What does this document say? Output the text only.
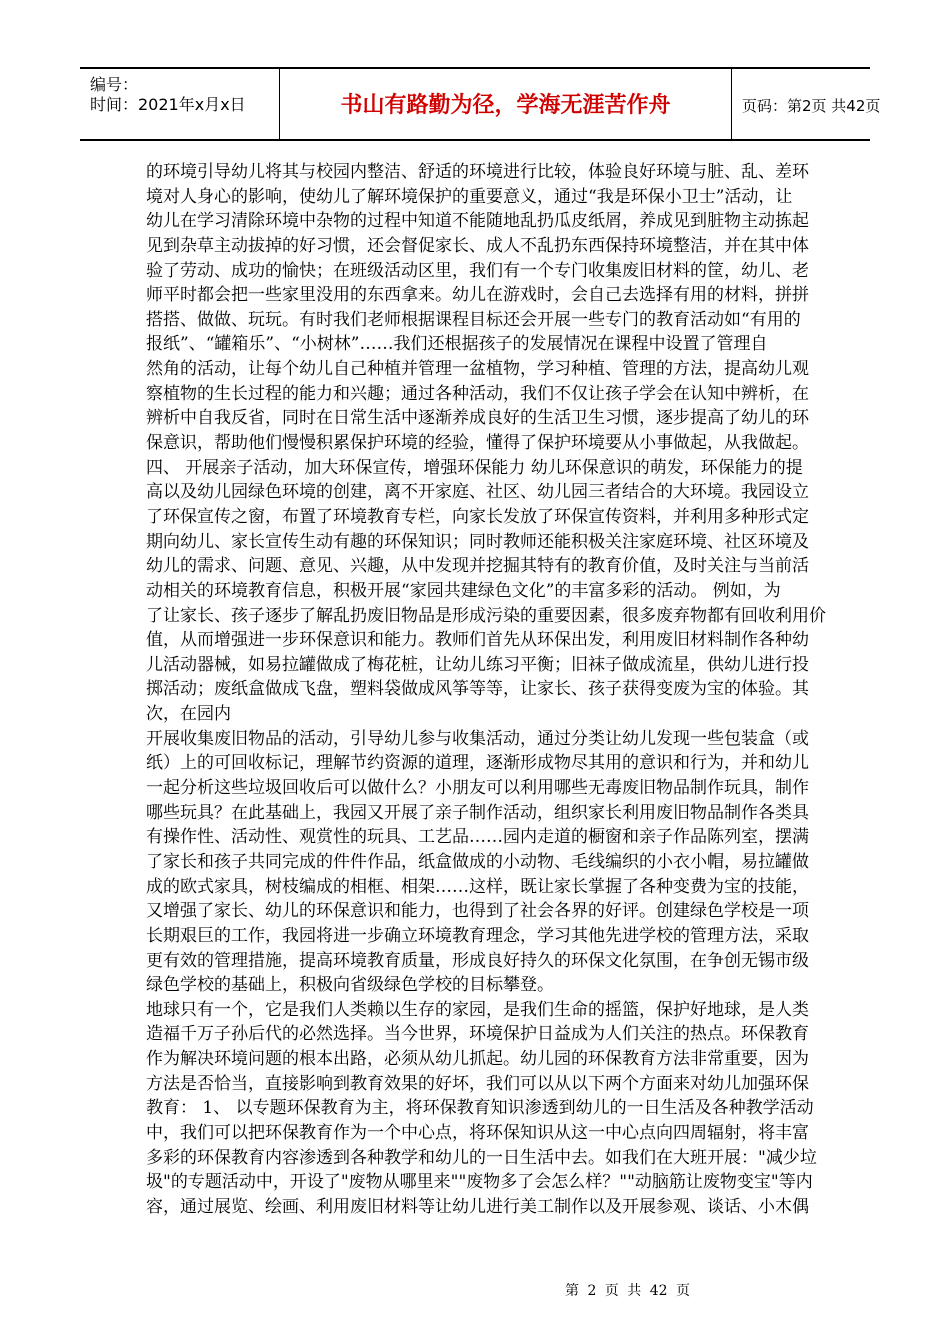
编号：
时间：2021年x月x日	书山有路勤为径，学海无涯苦作舟	页码：第2页 共42页
的环境引导幼儿将其与校园内整洁、舒适的环境进行比较，体验良好环境与脏、乱、差环
境对人身心的影响，使幼儿了解环境保护的重要意义，通过“我是环保小卫士”活动，让
幼儿在学习清除环境中杂物的过程中知道不能随地乱扔瓜皮纸屑，养成见到脏物主动拣起
见到杂草主动拔掉的好习惯，还会督促家长、成人不乱扔东西保持环境整洁，并在其中体
验了劳动、成功的愉快；在班级活动区里，我们有一个专门收集废旧材料的筐，幼儿、老
师平时都会把一些家里没用的东西拿来。幼儿在游戏时，会自己去选择有用的材料，拼拼
搭搭、做做、玩玩。有时我们老师根据课程目标还会开展一些专门的教育活动如“有用的
报纸”、“罐箱乐”、“小树林”……我们还根据孩子的发展情况在课程中设置了管理自
然角的活动，让每个幼儿自己种植并管理一盆植物，学习种植、管理的方法，提高幼儿观
察植物的生长过程的能力和兴趣；通过各种活动，我们不仅让孩子学会在认知中辨析，在
辨析中自我反省，同时在日常生活中逐渐养成良好的生活卫生习惯，逐步提高了幼儿的环
保意识，帮助他们慢慢积累保护环境的经验，懂得了保护环境要从小事做起，从我做起。
四、 开展亲子活动，加大环保宣传，增强环保能力 幼儿环保意识的萌发，环保能力的提
高以及幼儿园绿色环境的创建，离不开家庭、社区、幼儿园三者结合的大环境。我园设立
了环保宣传之窗，布置了环境教育专栏，向家长发放了环保宣传资料，并利用多种形式定
期向幼儿、家长宣传生动有趣的环保知识；同时教师还能积极关注家庭环境、社区环境及
幼儿的需求、问题、意见、兴趣，从中发现并挖掘其特有的教育价值，及时关注与当前活
动相关的环境教育信息，积极开展“家园共建绿色文化”的丰富多彩的活动。 例如，为
了让家长、孩子逐步了解乱扔废旧物品是形成污染的重要因素，很多废弃物都有回收利用价
值，从而增强进一步环保意识和能力。教师们首先从环保出发，利用废旧材料制作各种幼
儿活动器械，如易拉罐做成了梅花桩，让幼儿练习平衡；旧袜子做成流星，供幼儿进行投
掷活动；废纸盒做成飞盘，塑料袋做成风筝等等，让家长、孩子获得变废为宝的体验。其
次，在园内
开展收集废旧物品的活动，引导幼儿参与收集活动，通过分类让幼儿发现一些包装盒（或
纸）上的可回收标记，理解节约资源的道理，逐渐形成物尽其用的意识和行为，并和幼儿
一起分析这些垃圾回收后可以做什么？小朋友可以利用哪些无毒废旧物品制作玩具，制作
哪些玩具？在此基础上，我园又开展了亲子制作活动，组织家长利用废旧物品制作各类具
有操作性、活动性、观赏性的玩具、工艺品……园内走道的橱窗和亲子作品陈列室，摆满
了家长和孩子共同完成的件件作品，纸盒做成的小动物、毛线编织的小衣小帽，易拉罐做
成的欧式家具，树枝编成的相框、相架……这样，既让家长掌握了各种变费为宝的技能，
又增强了家长、幼儿的环保意识和能力，也得到了社会各界的好评。创建绿色学校是一项
长期艰巨的工作，我园将进一步确立环境教育理念，学习其他先进学校的管理方法，采取
更有效的管理措施，提高环境教育质量，形成良好持久的环保文化氛围，在争创无锡市级
绿色学校的基础上，积极向省级绿色学校的目标攀登。
地球只有一个，它是我们人类赖以生存的家园，是我们生命的摇篮，保护好地球，是人类
造福千万子孙后代的必然选择。当今世界，环境保护日益成为人们关注的热点。环保教育
作为解决环境问题的根本出路，必须从幼儿抓起。幼儿园的环保教育方法非常重要，因为
方法是否恰当，直接影响到教育效果的好坏，我们可以从以下两个方面来对幼儿加强环保
教育： 1、 以专题环保教育为主，将环保教育知识渗透到幼儿的一日生活及各种教学活动
中，我们可以把环保教育作为一个中心点，将环保知识从这一中心点向四周辐射，将丰富
多彩的环保教育内容渗透到各种教学和幼儿的一日生活中去。如我们在大班开展："减少垃
圾"的专题活动中，开设了"废物从哪里来""废物多了会怎么样？""动脑筋让废物变宝"等内
容，通过展览、绘画、利用废旧材料等让幼儿进行美工制作以及开展参观、谈话、小木偶
第 2 页 共 42 页
